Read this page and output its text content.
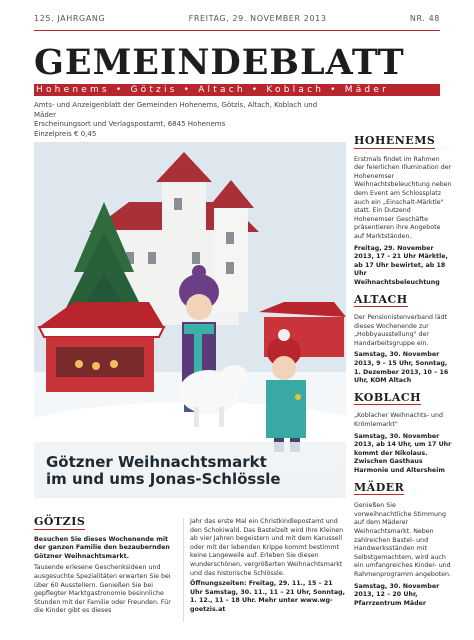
125. JAHRGANG	FREITAG, 29. NOVEMBER 2013	NR. 48
GEMEINDEBLATT
Hohenems • Götzis • Altach • Koblach • Mäder
Amts- und Anzeigenblatt der Gemeinden Hohenems, Götzis, Altach, Koblach und Mäder
Erscheinungsort und Verlagspostamt, 6845 Hohenems
Einzelpreis € 0,45
Götzner Weihnachtsmarkt
im und ums Jonas-Schlössle
HOHENEMS

Erstmals findet im Rahmen der feierlichen Illumination der Hohenemser Weihnachtsbeleuchtung neben dem Event am Schlossplatz auch ein „Einschalt-Märktle" statt. Ein Dutzend Hohenemser Geschäfte präsentieren ihre Angebote auf Marktständen.

Freitag, 29. November 2013, 17 – 21 Uhr Märktle, ab 17 Uhr bewirtet, ab 18 Uhr Weihnachtsbeleuchtung

ALTACH

Der Pensionistenverband lädt dieses Wochenende zur „Hobbyausstellung" der Handarbeitsgruppe ein.

Samstag, 30. November 2013, 9 – 15 Uhr, Sonntag, 1. Dezember 2013, 10 – 16 Uhr, KOM Altach

KOBLACH

„Koblacher Weihnachts- und Krömlemarkt"

Samstag, 30. November 2013, ab 14 Uhr, um 17 Uhr kommt der Nikolaus. Zwischen Gasthaus Harmonie und Altersheim

MÄDER

Genießen Sie vorweihnachtliche Stimmung auf dem Mäderer Weihnachtsmarkt. Neben zahlreichen Bastel- und Handwerksständen mit Selbstgemachtem, wird auch ein umfangreiches Kinder- und Rahmenprogramm angeboten.

Samstag, 30. November 2013, 12 – 20 Uhr, Pfarrzentrum Mäder

GÖTZIS

Besuchen Sie dieses Wochenende mit der ganzen Familie den bezaubernden Götzner Weihnachtsmarkt.

Tausende erlesene Geschenksideen und ausgesuchte Spezialitäten erwarten Sie bei über 60 Ausstellern. Genießen Sie bei gepflegter Marktgastronomie besinnliche Stunden mit der Familie oder Freunden. Für die Kinder gibt es dieses

Jahr das erste Mal ein Christkindlepostamt und den Schokiwald. Das Bastelzelt wird Ihre Kleinen ab vier Jahren begeistern und mit dem Karussell oder mit der lebenden Krippe kommt bestimmt keine Langeweile auf. Erleben Sie diesen wunderschönen, vergrößerten Weihnachtsmarkt und das historische Schlössle.

Öffnungszeiten: Freitag, 29. 11., 15 – 21 Uhr Samstag, 30. 11., 11 – 21 Uhr, Sonntag, 1. 12., 11 – 18 Uhr. Mehr unter www.wg-goetzis.at
